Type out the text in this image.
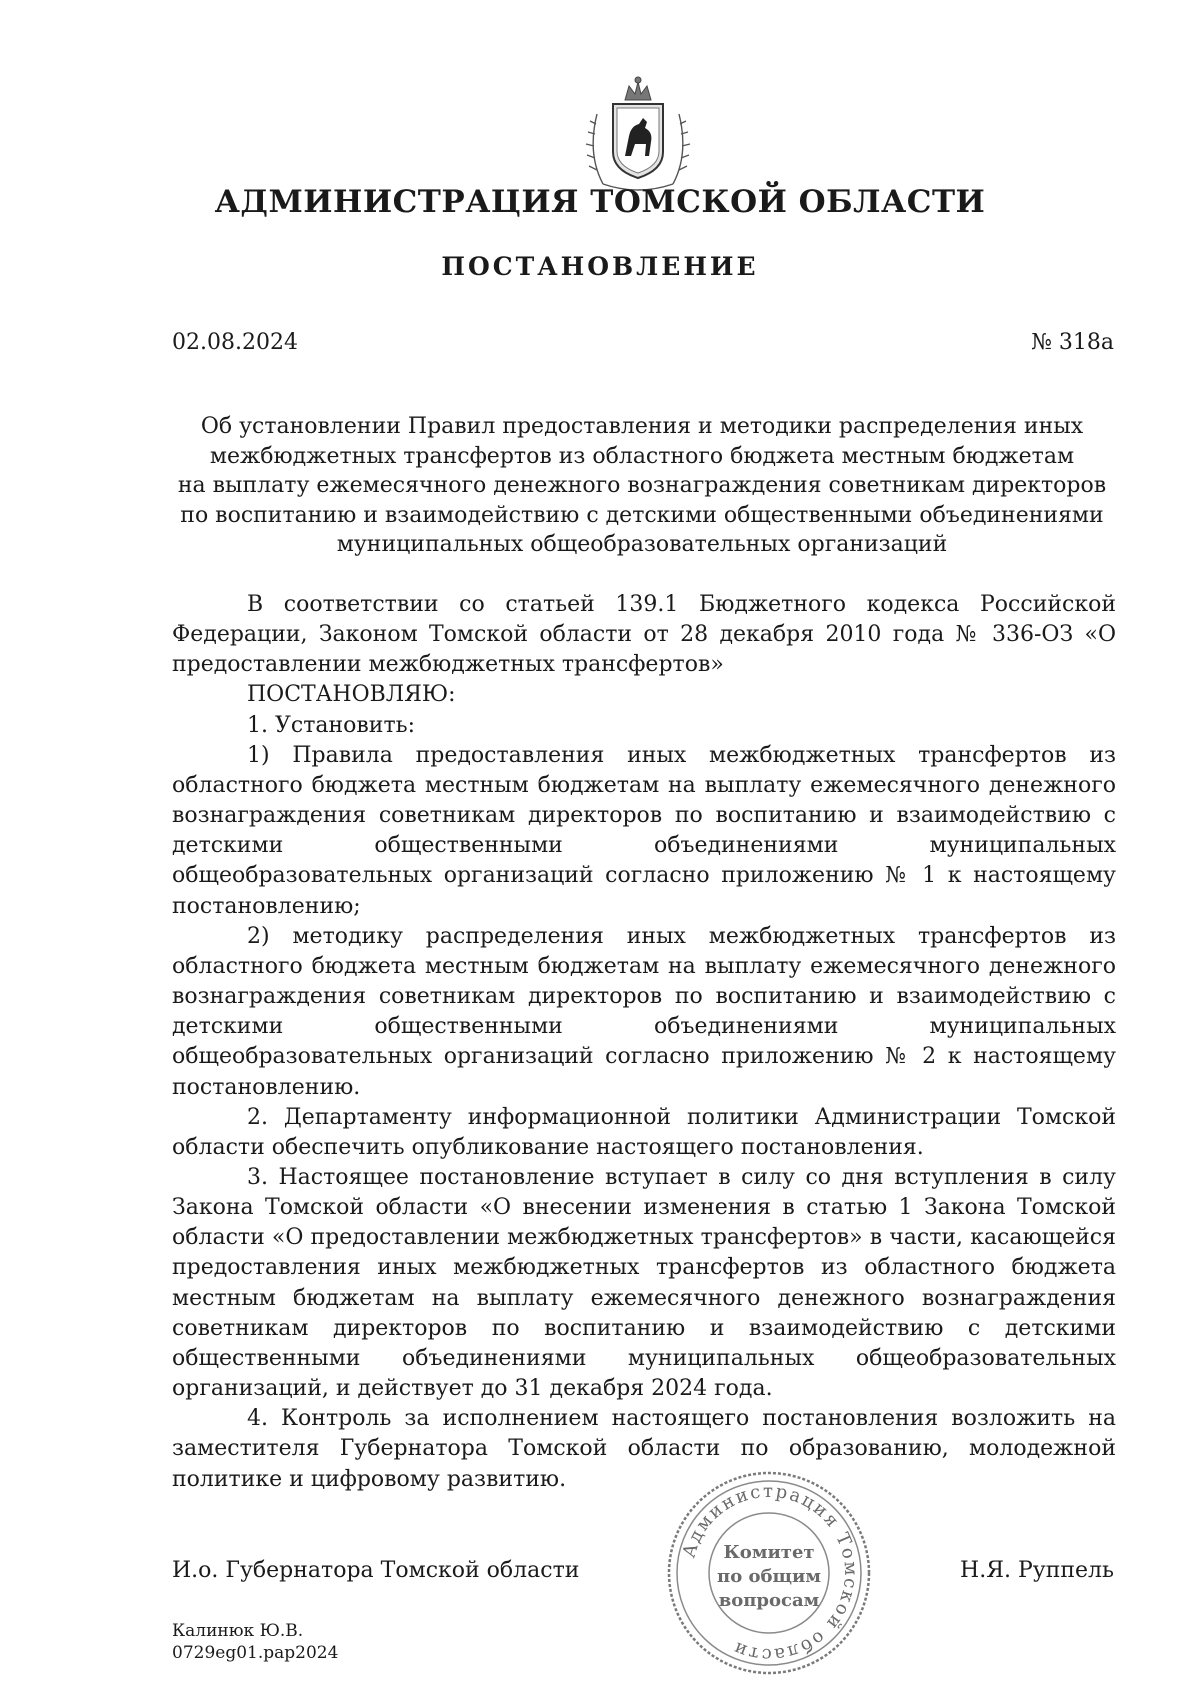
АДМИНИСТРАЦИЯ ТОМСКОЙ ОБЛАСТИ
ПОСТАНОВЛЕНИЕ
02.08.2024	№ 318а
Об установлении Правил предоставления и методики распределения иных
межбюджетных трансфертов из областного бюджета местным бюджетам
на выплату ежемесячного денежного вознаграждения советникам директоров
по воспитанию и взаимодействию с детскими общественными объединениями
муниципальных общеобразовательных организаций

В соответствии со статьей 139.1 Бюджетного кодекса Российской Федерации, Законом Томской области от 28 декабря 2010 года № 336-ОЗ «О предоставлении межбюджетных трансфертов»

ПОСТАНОВЛЯЮ:

1. Установить:

1) Правила предоставления иных межбюджетных трансфертов из областного бюджета местным бюджетам на выплату ежемесячного денежного вознаграждения советникам директоров по воспитанию и взаимодействию с детскими общественными объединениями муниципальных общеобразовательных организаций согласно приложению № 1 к настоящему постановлению;

2) методику распределения иных межбюджетных трансфертов из областного бюджета местным бюджетам на выплату ежемесячного денежного вознаграждения советникам директоров по воспитанию и взаимодействию с детскими общественными объединениями муниципальных общеобразовательных организаций согласно приложению № 2 к настоящему постановлению.

2. Департаменту информационной политики Администрации Томской области обеспечить опубликование настоящего постановления.

3. Настоящее постановление вступает в силу со дня вступления в силу Закона Томской области «О внесении изменения в статью 1 Закона Томской области «О предоставлении межбюджетных трансфертов» в части, касающейся предоставления иных межбюджетных трансфертов из областного бюджета местным бюджетам на выплату ежемесячного денежного вознаграждения советникам директоров по воспитанию и взаимодействию с детскими общественными объединениями муниципальных общеобразовательных организаций, и действует до 31 декабря 2024 года.

4. Контроль за исполнением настоящего постановления возложить на заместителя Губернатора Томской области по образованию, молодежной политике и цифровому развитию.

Администрация Томской области
Комитет
по общим
вопросам
И.о. Губернатора Томской области	Н.Я. Руппель
Калинюк Ю.В.
0729eg01.pap2024
